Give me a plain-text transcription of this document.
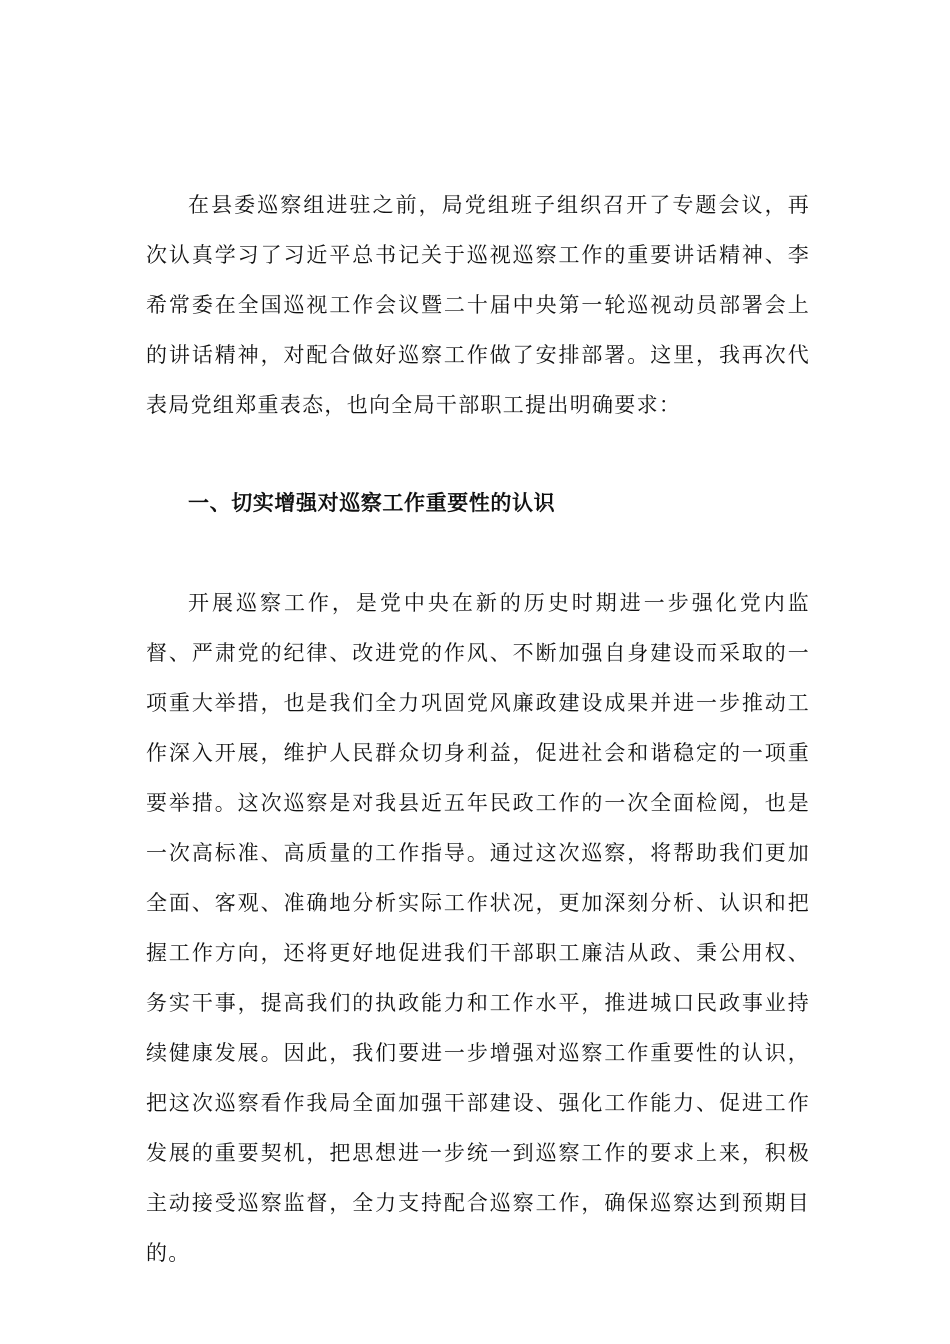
在县委巡察组进驻之前，局党组班子组织召开了专题会议，再次认真学习了习近平总书记关于巡视巡察工作的重要讲话精神、李希常委在全国巡视工作会议暨二十届中央第一轮巡视动员部署会上的讲话精神，对配合做好巡察工作做了安排部署。这里，我再次代表局党组郑重表态，也向全局干部职工提出明确要求：

一、切实增强对巡察工作重要性的认识

开展巡察工作，是党中央在新的历史时期进一步强化党内监督、严肃党的纪律、改进党的作风、不断加强自身建设而采取的一项重大举措，也是我们全力巩固党风廉政建设成果并进一步推动工作深入开展，维护人民群众切身利益，促进社会和谐稳定的一项重要举措。这次巡察是对我县近五年民政工作的一次全面检阅，也是一次高标准、高质量的工作指导。通过这次巡察，将帮助我们更加全面、客观、准确地分析实际工作状况，更加深刻分析、认识和把握工作方向，还将更好地促进我们干部职工廉洁从政、秉公用权、务实干事，提高我们的执政能力和工作水平，推进城口民政事业持续健康发展。因此，我们要进一步增强对巡察工作重要性的认识，把这次巡察看作我局全面加强干部建设、强化工作能力、促进工作发展的重要契机，把思想进一步统一到巡察工作的要求上来，积极主动接受巡察监督，全力支持配合巡察工作，确保巡察达到预期目的。
